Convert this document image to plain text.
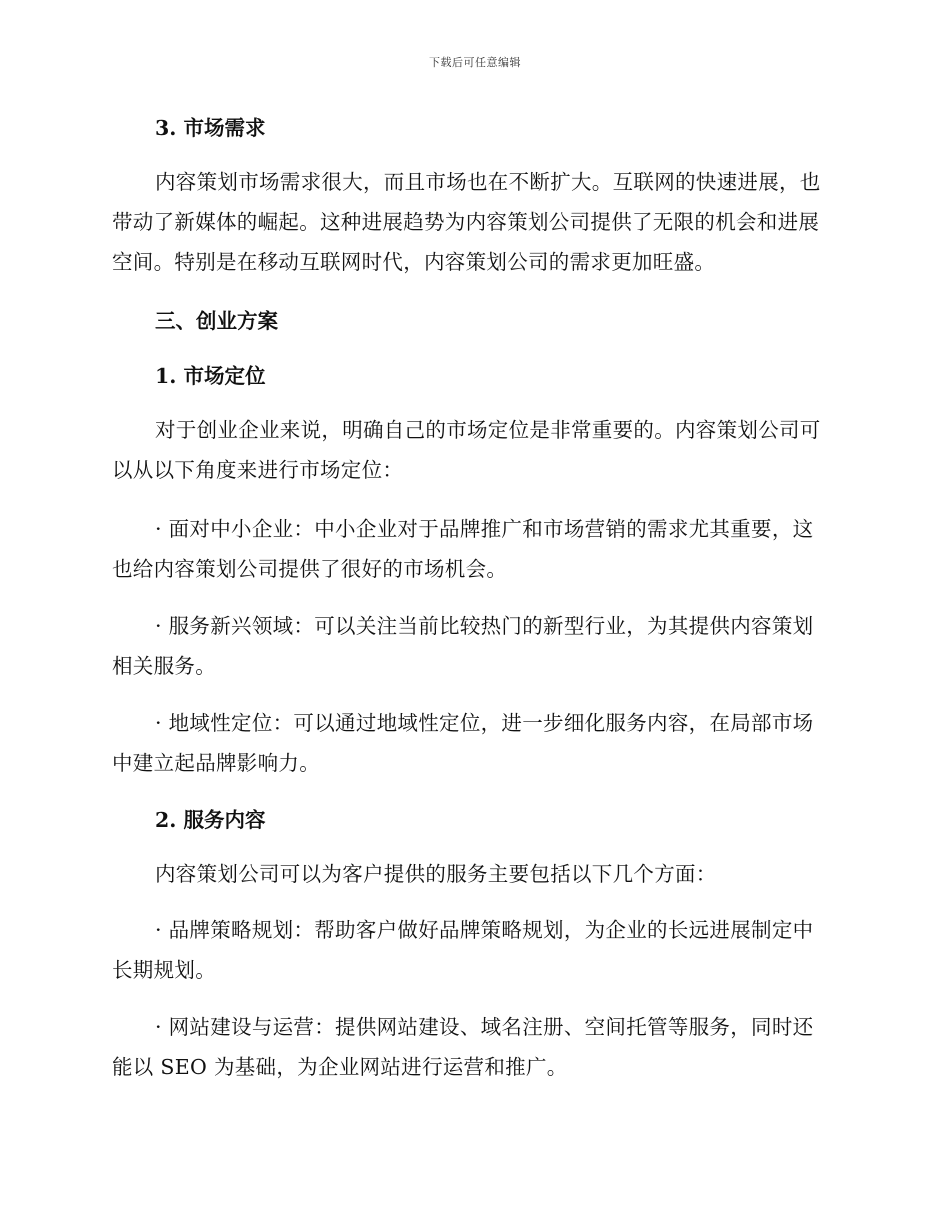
下载后可任意编辑
3. 市场需求

内容策划市场需求很大，而且市场也在不断扩大。互联网的快速进展，也带动了新媒体的崛起。这种进展趋势为内容策划公司提供了无限的机会和进展空间。特别是在移动互联网时代，内容策划公司的需求更加旺盛。

三、创业方案
1. 市场定位

对于创业企业来说，明确自己的市场定位是非常重要的。内容策划公司可以从以下角度来进行市场定位：

· 面对中小企业：中小企业对于品牌推广和市场营销的需求尤其重要，这也给内容策划公司提供了很好的市场机会。

· 服务新兴领域：可以关注当前比较热门的新型行业，为其提供内容策划相关服务。

· 地域性定位：可以通过地域性定位，进一步细化服务内容，在局部市场中建立起品牌影响力。

2. 服务内容

内容策划公司可以为客户提供的服务主要包括以下几个方面：

· 品牌策略规划：帮助客户做好品牌策略规划，为企业的长远进展制定中长期规划。

· 网站建设与运营：提供网站建设、域名注册、空间托管等服务，同时还能以 SEO 为基础，为企业网站进行运营和推广。
